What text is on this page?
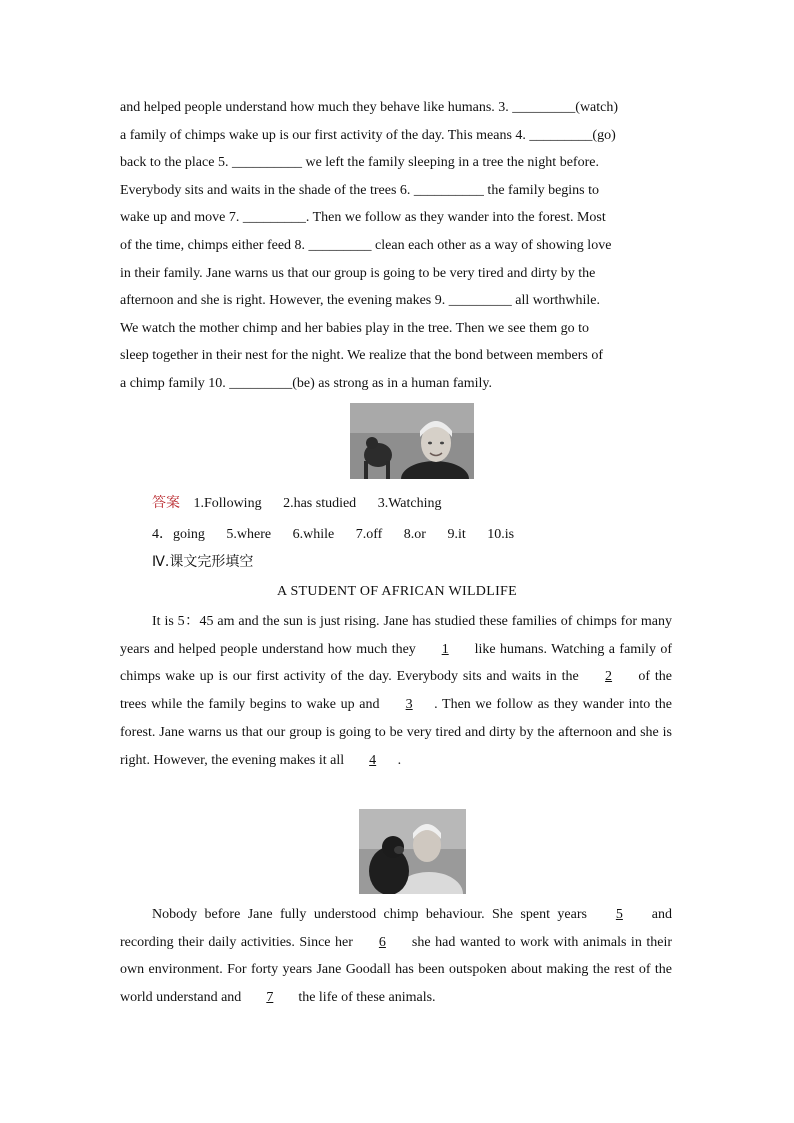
and helped people understand how much they behave like humans. 3. _________(watch)

a family of chimps wake up is our first activity of the day. This means 4. _________(go)

back to the place 5. __________ we left the family sleeping in a tree the night before.

Everybody sits and waits in the shade of the trees 6. __________ the family begins to

wake up and move 7. _________. Then we follow as they wander into the forest. Most

of the time, chimps either feed 8. _________ clean each other as a way of showing love

in their family. Jane warns us that our group is going to be very tired and dirty by the

afternoon and she is right. However, the evening makes 9. _________ all worthwhile.

We watch the mother chimp and her babies play in the tree. Then we see them go to

sleep together in their nest for the night. We realize that the bond between members of

a chimp family 10. _________(be) as strong as in a human family.

答案 1.Following 2.has studied 3.Watching
4．going 5.where 6.while 7.off 8.or 9.it 10.is
Ⅳ.课文完形填空
A STUDENT OF AFRICAN WILDLIFE
It is 5：45 am and the sun is just rising. Jane has studied these families of chimps for many years and helped people understand how much they 1 like humans. Watching a family of chimps wake up is our first activity of the day. Everybody sits and waits in the 2 of the trees while the family begins to wake up and 3 . Then we follow as they wander into the forest. Jane warns us that our group is going to be very tired and dirty by the afternoon and she is right. However, the evening makes it all 4 .
Nobody before Jane fully understood chimp behaviour. She spent years 5 and recording their daily activities. Since her 6 she had wanted to work with animals in their own environment. For forty years Jane Goodall has been outspoken about making the rest of the world understand and 7 the life of these animals.
